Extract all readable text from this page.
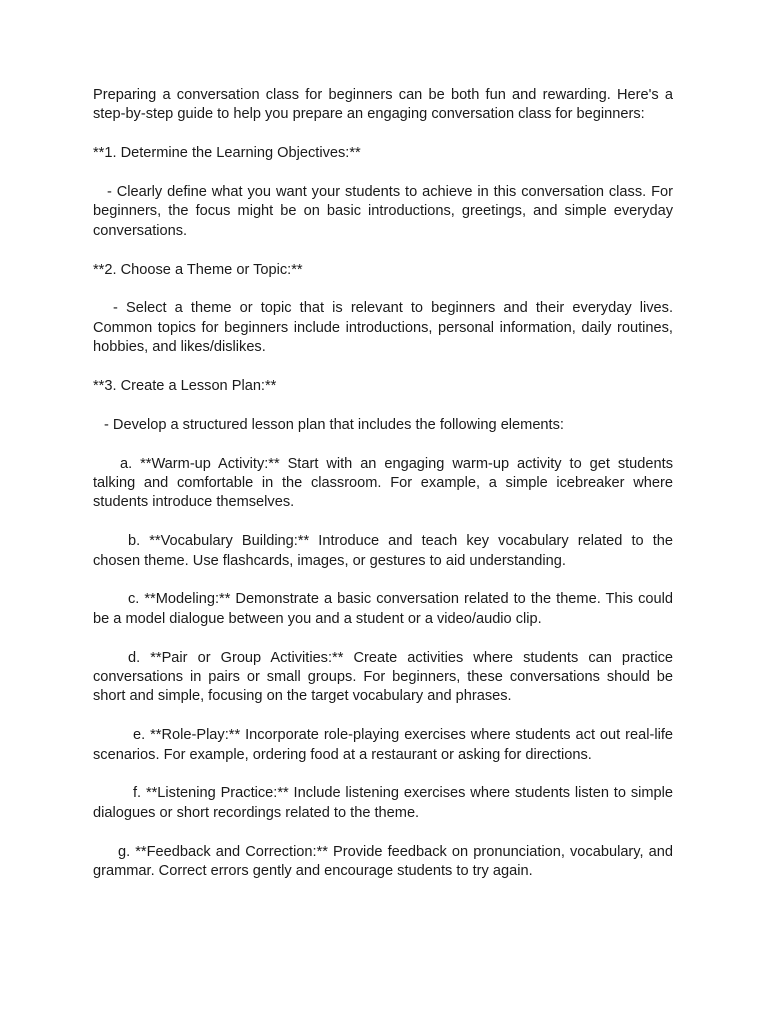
Preparing a conversation class for beginners can be both fun and rewarding. Here's a step-by-step guide to help you prepare an engaging conversation class for beginners:

**1. Determine the Learning Objectives:**

- Clearly define what you want your students to achieve in this conversation class. For beginners, the focus might be on basic introductions, greetings, and simple everyday conversations.

**2. Choose a Theme or Topic:**

- Select a theme or topic that is relevant to beginners and their everyday lives. Common topics for beginners include introductions, personal information, daily routines, hobbies, and likes/dislikes.

**3. Create a Lesson Plan:**

- Develop a structured lesson plan that includes the following elements:

a. **Warm-up Activity:** Start with an engaging warm-up activity to get students talking and comfortable in the classroom. For example, a simple icebreaker where students introduce themselves.

b. **Vocabulary Building:** Introduce and teach key vocabulary related to the chosen theme. Use flashcards, images, or gestures to aid understanding.

c. **Modeling:** Demonstrate a basic conversation related to the theme. This could be a model dialogue between you and a student or a video/audio clip.

d. **Pair or Group Activities:** Create activities where students can practice conversations in pairs or small groups. For beginners, these conversations should be short and simple, focusing on the target vocabulary and phrases.

e. **Role-Play:** Incorporate role-playing exercises where students act out real-life scenarios. For example, ordering food at a restaurant or asking for directions.

f. **Listening Practice:** Include listening exercises where students listen to simple dialogues or short recordings related to the theme.

g. **Feedback and Correction:** Provide feedback on pronunciation, vocabulary, and grammar. Correct errors gently and encourage students to try again.
